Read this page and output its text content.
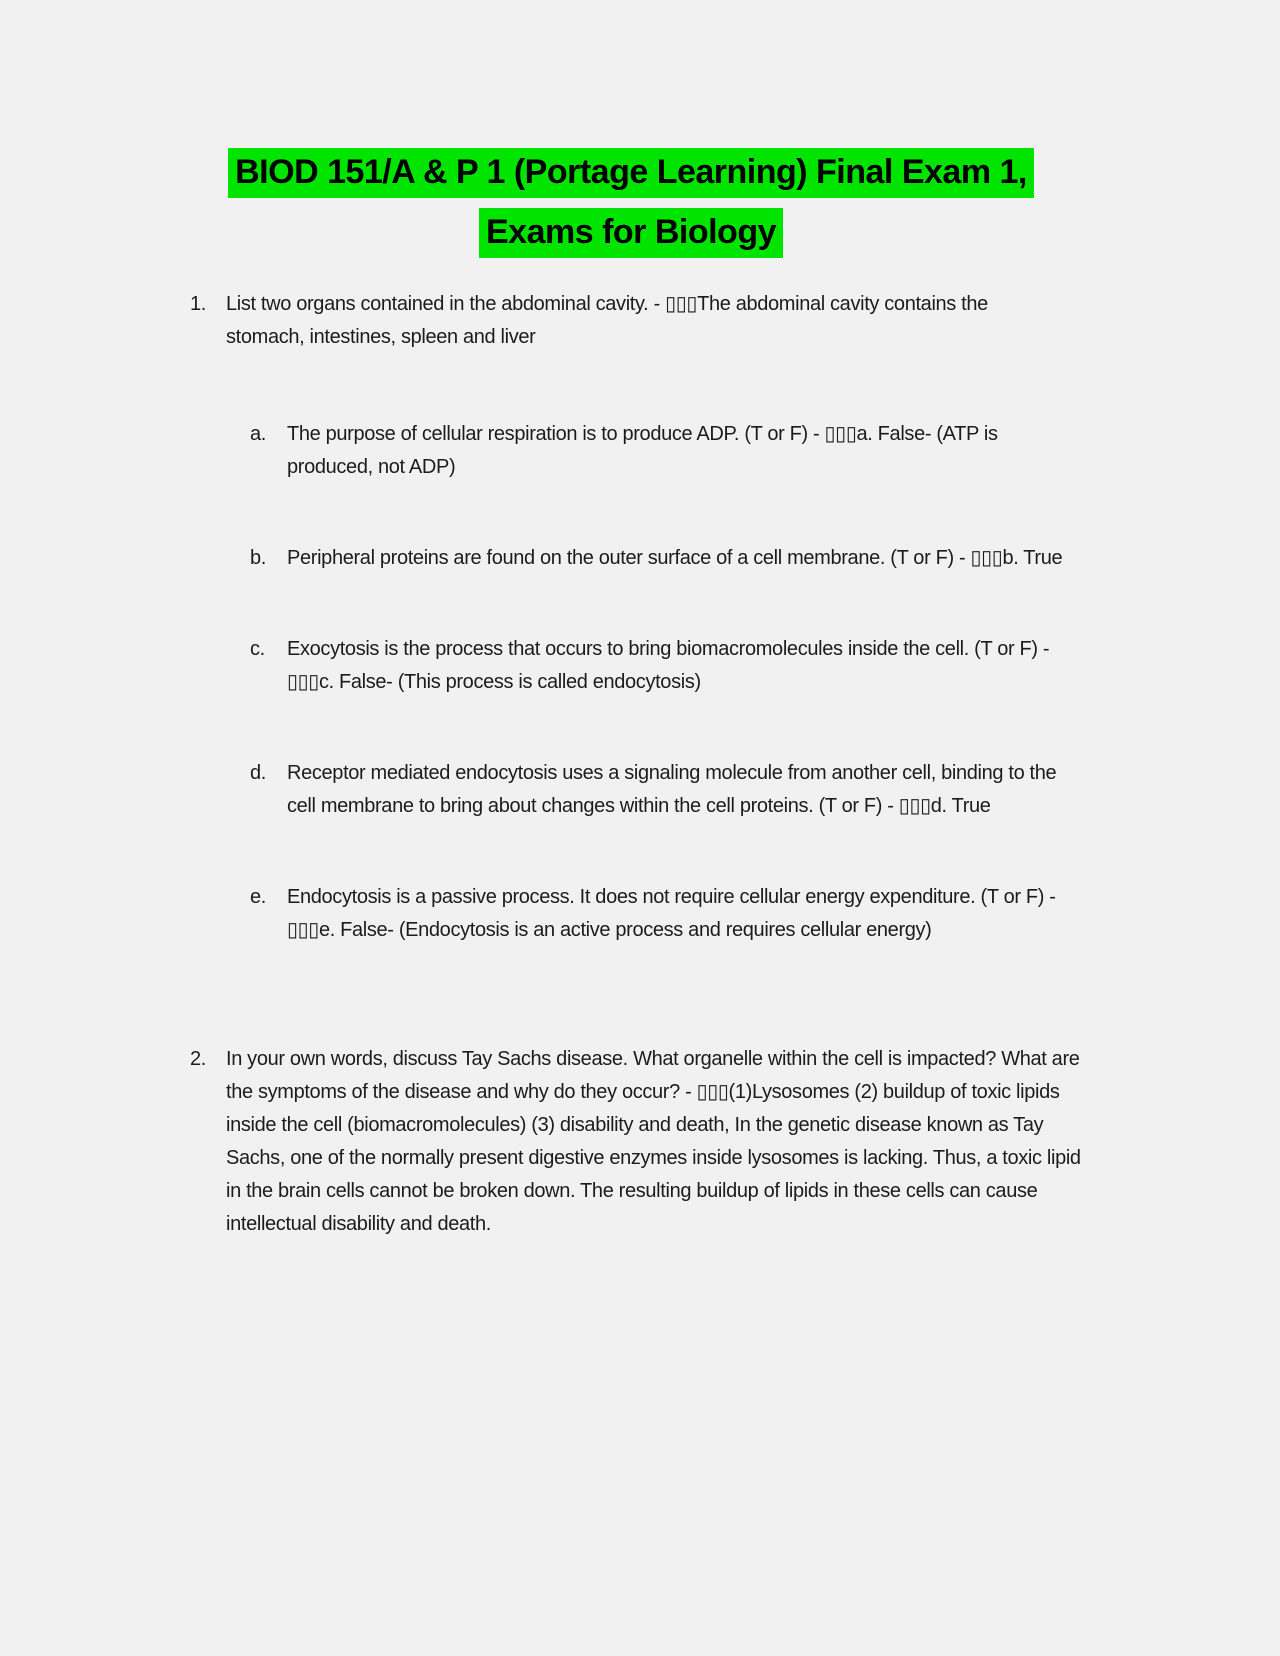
BIOD 151/A & P 1 (Portage Learning) Final Exam 1,
Exams for Biology
1.	List two organs contained in the abdominal cavity. - ▯▯▯The abdominal cavity contains the stomach, intestines, spleen and liver

a.	The purpose of cellular respiration is to produce ADP. (T or F) - ▯▯▯a. False- (ATP is produced, not ADP)

b.	Peripheral proteins are found on the outer surface of a cell membrane. (T or F) - ▯▯▯b. True

c.	Exocytosis is the process that occurs to bring biomacromolecules inside the cell. (T or F) - ▯▯▯c. False- (This process is called endocytosis)

d.	Receptor mediated endocytosis uses a signaling molecule from another cell, binding to the cell membrane to bring about changes within the cell proteins. (T or F) - ▯▯▯d. True

e.	Endocytosis is a passive process. It does not require cellular energy expenditure. (T or F) - ▯▯▯e. False- (Endocytosis is an active process and requires cellular energy)

2.	In your own words, discuss Tay Sachs disease. What organelle within the cell is impacted? What are the symptoms of the disease and why do they occur? - ▯▯▯(1)Lysosomes (2) buildup of toxic lipids inside the cell (biomacromolecules) (3) disability and death, In the genetic disease known as Tay Sachs, one of the normally present digestive enzymes inside lysosomes is lacking. Thus, a toxic lipid in the brain cells cannot be broken down. The resulting buildup of lipids in these cells can cause intellectual disability and death.
